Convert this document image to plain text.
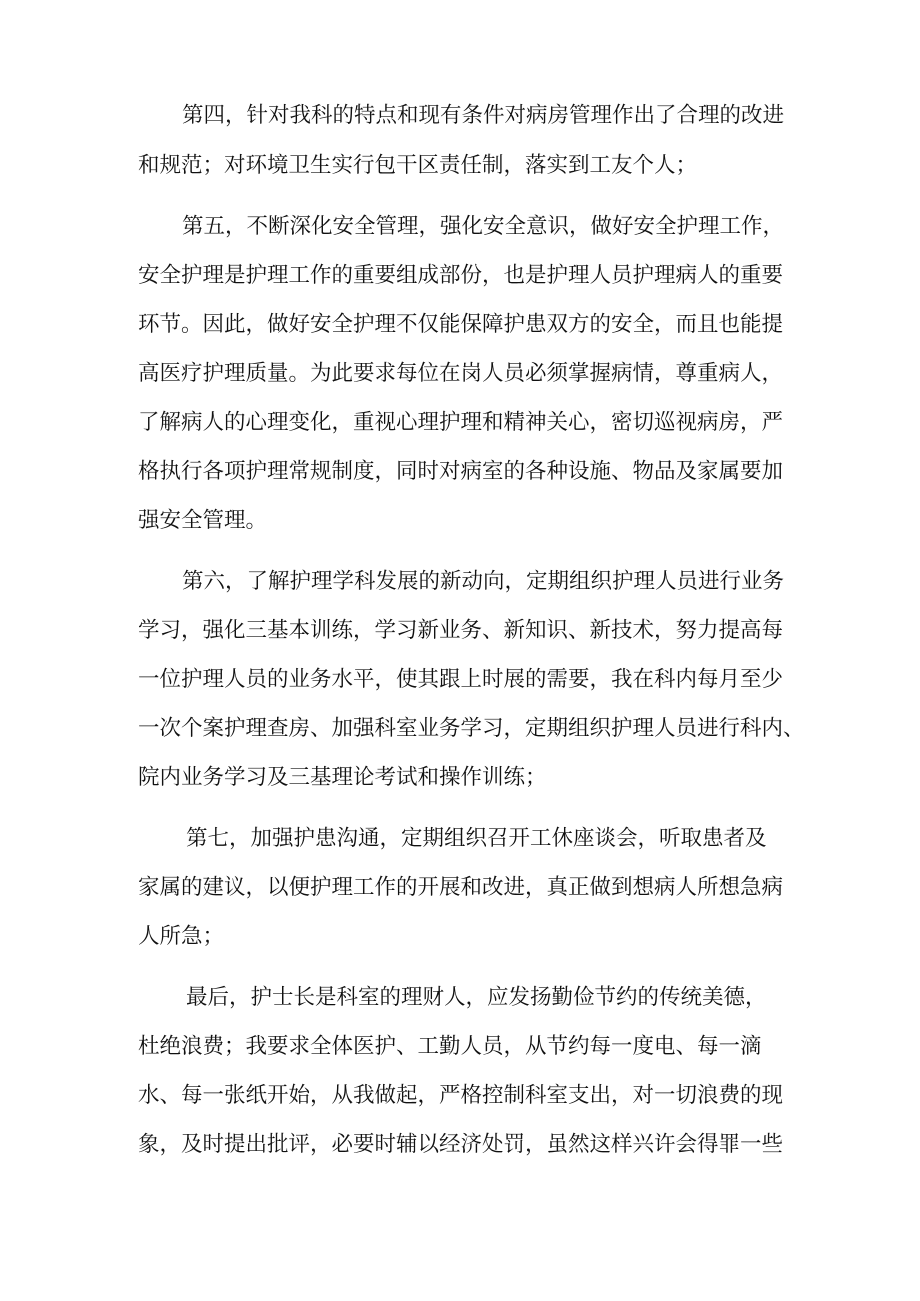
第四，针对我科的特点和现有条件对病房管理作出了合理的改进

和规范；对环境卫生实行包干区责任制，落实到工友个人；

第五，不断深化安全管理，强化安全意识，做好安全护理工作，

安全护理是护理工作的重要组成部份，也是护理人员护理病人的重要

环节。因此，做好安全护理不仅能保障护患双方的安全，而且也能提

高医疗护理质量。为此要求每位在岗人员必须掌握病情，尊重病人，

了解病人的心理变化，重视心理护理和精神关心，密切巡视病房，严

格执行各项护理常规制度，同时对病室的各种设施、物品及家属要加

强安全管理。

第六，了解护理学科发展的新动向，定期组织护理人员进行业务

学习，强化三基本训练，学习新业务、新知识、新技术，努力提高每

一位护理人员的业务水平，使其跟上时展的需要，我在科内每月至少

一次个案护理查房、加强科室业务学习，定期组织护理人员进行科内、

院内业务学习及三基理论考试和操作训练；

第七，加强护患沟通，定期组织召开工休座谈会，听取患者及

家属的建议，以便护理工作的开展和改进，真正做到想病人所想急病

人所急；

最后，护士长是科室的理财人，应发扬勤俭节约的传统美德，

杜绝浪费；我要求全体医护、工勤人员，从节约每一度电、每一滴

水、每一张纸开始，从我做起，严格控制科室支出，对一切浪费的现

象，及时提出批评，必要时辅以经济处罚，虽然这样兴许会得罪一些
